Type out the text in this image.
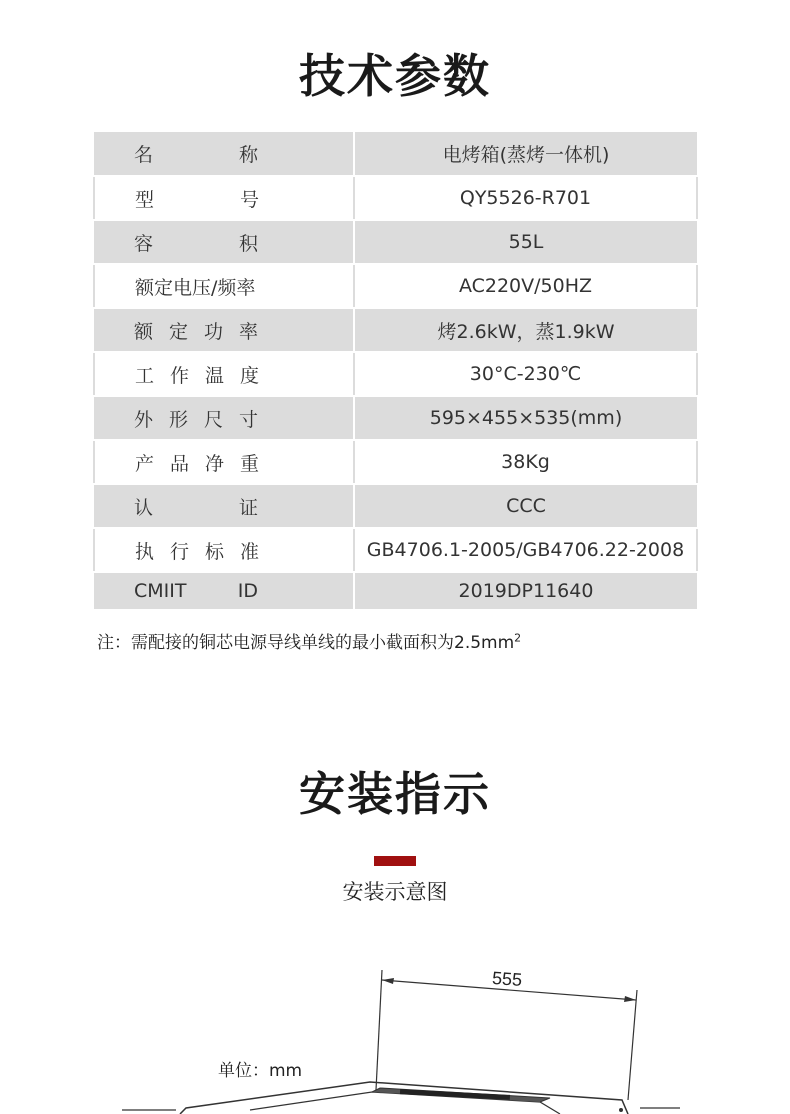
技术参数
名 称	电烤箱(蒸烤一体机)

型 号	QY5526-R701

容 积	55L

额定电压/频率	AC220V/50HZ

额 定 功 率	烤2.6kW，蒸1.9kW

工 作 温 度	30°C-230℃

外 形 尺 寸	595×455×535(mm)

产 品 净 重	38Kg

认 证	CCC

执 行 标 准	GB4706.1-2005/GB4706.22-2008

CMIIT ID	2019DP11640
注：需配接的铜芯电源导线单线的最小截面积为$2.5mm^2$
安装指示
安装示意图
555
单位：mm
